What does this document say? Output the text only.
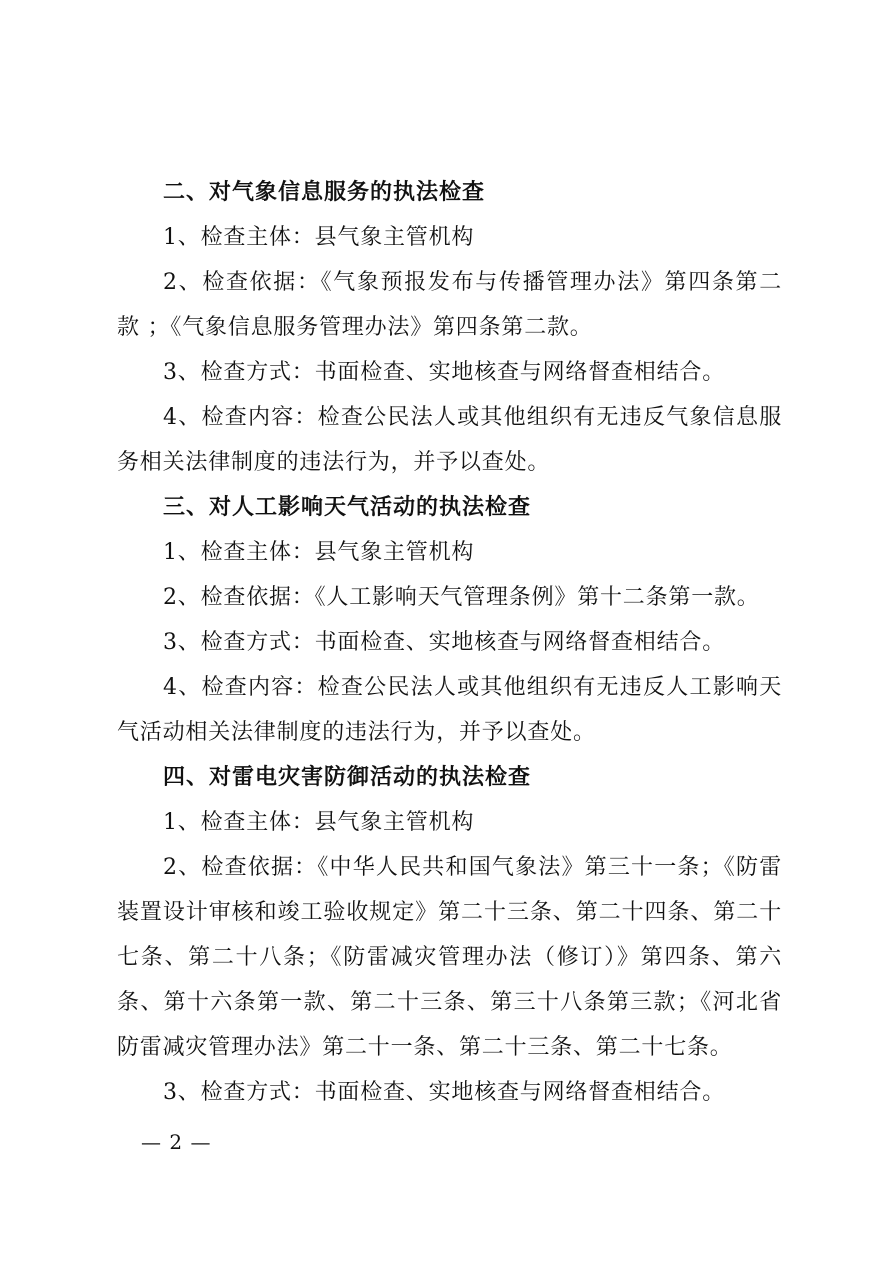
二、对气象信息服务的执法检查

1、检查主体：县气象主管机构

2、检查依据：《气象预报发布与传播管理办法》第四条第二款 ；《气象信息服务管理办法》第四条第二款。

3、检查方式：书面检查、实地核查与网络督查相结合。

4、检查内容：检查公民法人或其他组织有无违反气象信息服务相关法律制度的违法行为，并予以查处。

三、对人工影响天气活动的执法检查

1、检查主体：县气象主管机构

2、检查依据：《人工影响天气管理条例》第十二条第一款。

3、检查方式：书面检查、实地核查与网络督查相结合。

4、检查内容：检查公民法人或其他组织有无违反人工影响天气活动相关法律制度的违法行为，并予以查处。

四、对雷电灾害防御活动的执法检查

1、检查主体：县气象主管机构

2、检查依据：《中华人民共和国气象法》第三十一条；《防雷装置设计审核和竣工验收规定》第二十三条、第二十四条、第二十七条、第二十八条；《防雷减灾管理办法（修订）》第四条、第六条、第十六条第一款、第二十三条、第三十八条第三款；《河北省防雷减灾管理办法》第二十一条、第二十三条、第二十七条。

3、检查方式：书面检查、实地核查与网络督查相结合。

— 2 —
